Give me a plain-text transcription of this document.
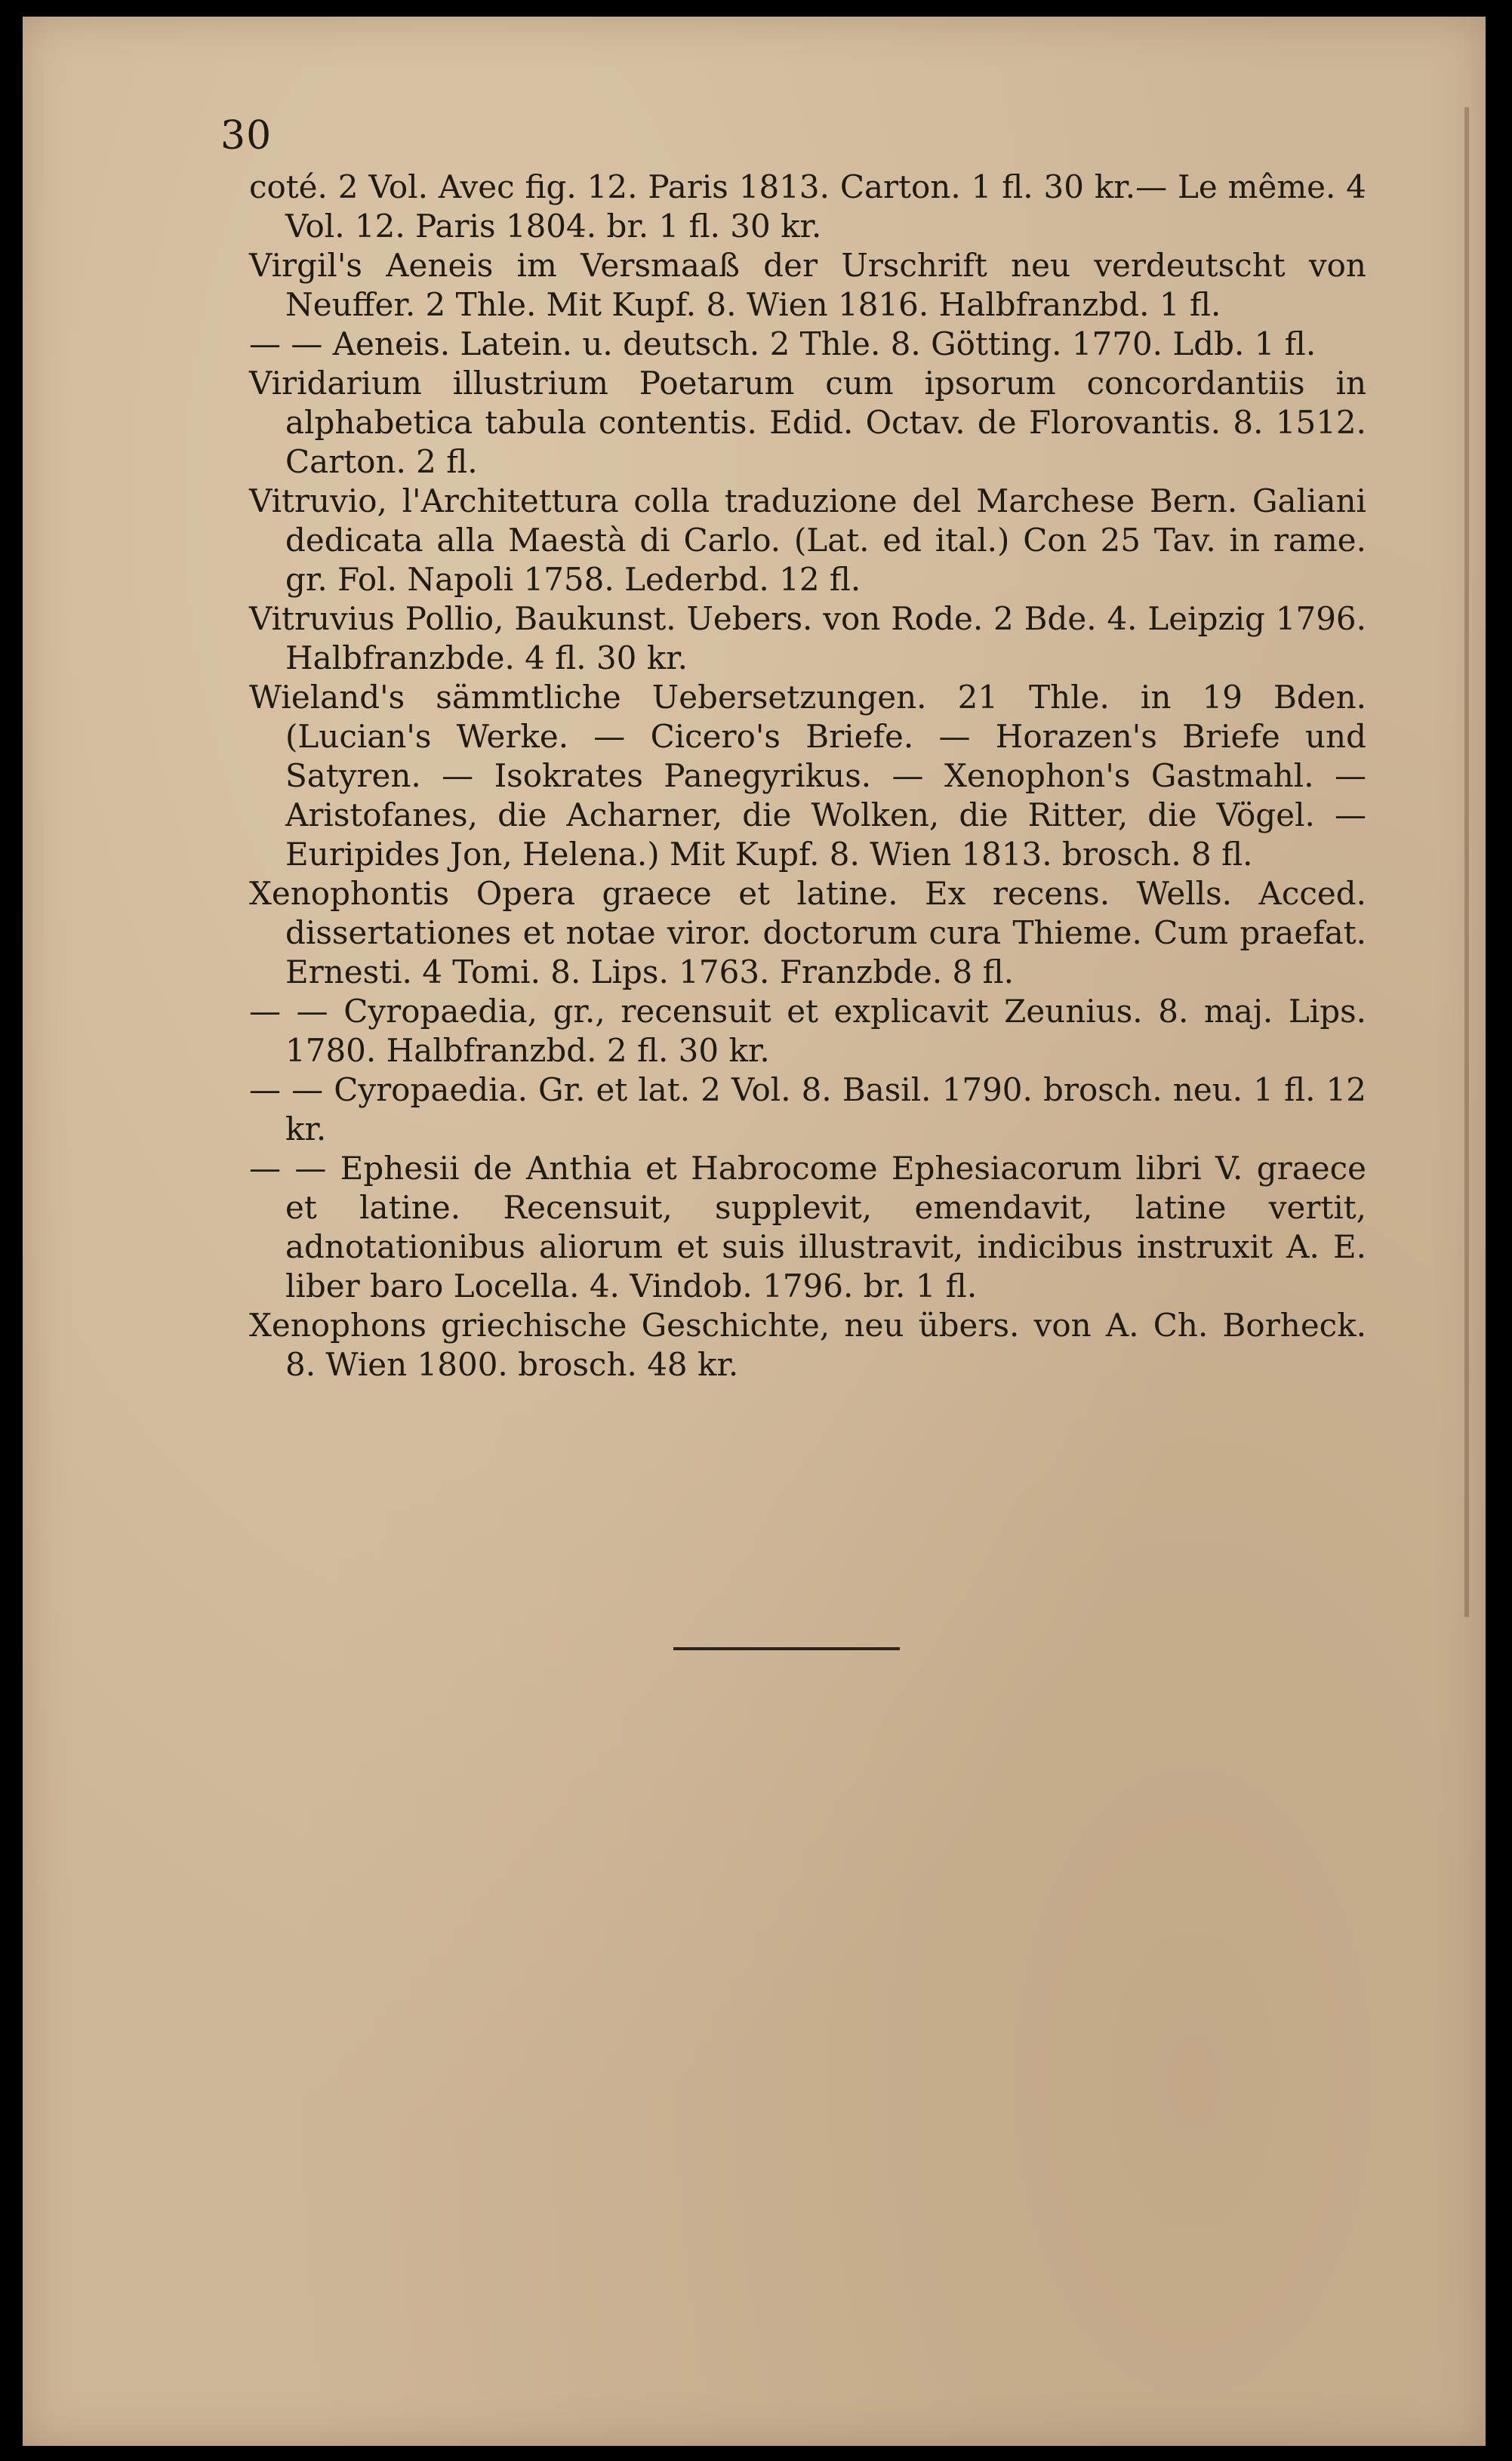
30

coté. 2 Vol. Avec fig. 12. Paris 1813. Carton. 1 fl. 30 kr.— Le même. 4 Vol. 12. Paris 1804. br. 1 fl. 30 kr.

Virgil's Aeneis im Versmaaß der Urschrift neu verdeutscht von Neuffer. 2 Thle. Mit Kupf. 8. Wien 1816. Halbfranzbd. 1 fl.

— — Aeneis. Latein. u. deutsch. 2 Thle. 8. Götting. 1770. Ldb. 1 fl.

Viridarium illustrium Poetarum cum ipsorum concordantiis in alphabetica tabula contentis. Edid. Octav. de Florovantis. 8. 1512. Carton. 2 fl.

Vitruvio, l'Architettura colla traduzione del Marchese Bern. Galiani dedicata alla Maestà di Carlo. (Lat. ed ital.) Con 25 Tav. in rame. gr. Fol. Napoli 1758. Lederbd. 12 fl.

Vitruvius Pollio, Baukunst. Uebers. von Rode. 2 Bde. 4. Leipzig 1796. Halbfranzbde. 4 fl. 30 kr.

Wieland's sämmtliche Uebersetzungen. 21 Thle. in 19 Bden. (Lucian's Werke. — Cicero's Briefe. — Horazen's Briefe und Satyren. — Isokrates Panegyrikus. — Xenophon's Gastmahl. — Aristofanes, die Acharner, die Wolken, die Ritter, die Vögel. — Euripides Jon, Helena.) Mit Kupf. 8. Wien 1813. brosch. 8 fl.

Xenophontis Opera graece et latine. Ex recens. Wells. Acced. dissertationes et notae viror. doctorum cura Thieme. Cum praefat. Ernesti. 4 Tomi. 8. Lips. 1763. Franzbde. 8 fl.

— — Cyropaedia, gr., recensuit et explicavit Zeunius. 8. maj. Lips. 1780. Halbfranzbd. 2 fl. 30 kr.

— — Cyropaedia. Gr. et lat. 2 Vol. 8. Basil. 1790. brosch. neu. 1 fl. 12 kr.

— — Ephesii de Anthia et Habrocome Ephesiacorum libri V. graece et latine. Recensuit, supplevit, emendavit, latine vertit, adnotationibus aliorum et suis illustravit, indicibus instruxit A. E. liber baro Locella. 4. Vindob. 1796. br. 1 fl.

Xenophons griechische Geschichte, neu übers. von A. Ch. Borheck. 8. Wien 1800. brosch. 48 kr.
